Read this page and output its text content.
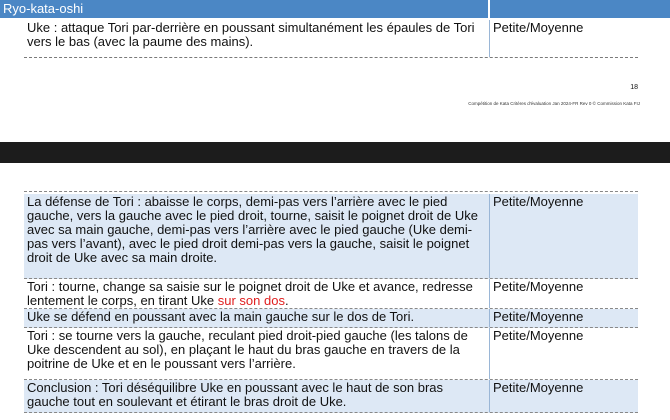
Ryo-kata-oshi
Uke : attaque Tori par-derrière en poussant simultanément les épaules de Tori vers le bas (avec la paume des mains).
Petite/Moyenne
18
Compétition de Kata Critères d'évaluation Jan 2024-FR Rev 0 © Commission Kata FIJ
La défense de Tori : abaisse le corps, demi-pas vers l’arrière avec le pied gauche, vers la gauche avec le pied droit, tourne, saisit le poignet droit de Uke avec sa main gauche, demi-pas vers l’arrière avec le pied gauche (Uke demi-pas vers l’avant), avec le pied droit demi-pas vers la gauche, saisit le poignet droit de Uke avec sa main droite.
Petite/Moyenne
Tori : tourne, change sa saisie sur le poignet droit de Uke et avance, redresse lentement le corps, en tirant Uke sur son dos.
Petite/Moyenne
Uke se défend en poussant avec la main gauche sur le dos de Tori.	Petite/Moyenne
Tori : se tourne vers la gauche, reculant pied droit-pied gauche (les talons de Uke descendent au sol), en plaçant le haut du bras gauche en travers de la poitrine de Uke et en le poussant vers l’arrière.
Petite/Moyenne
Conclusion : Tori déséquilibre Uke en poussant avec le haut de son bras gauche tout en soulevant et étirant le bras droit de Uke.
Petite/Moyenne
